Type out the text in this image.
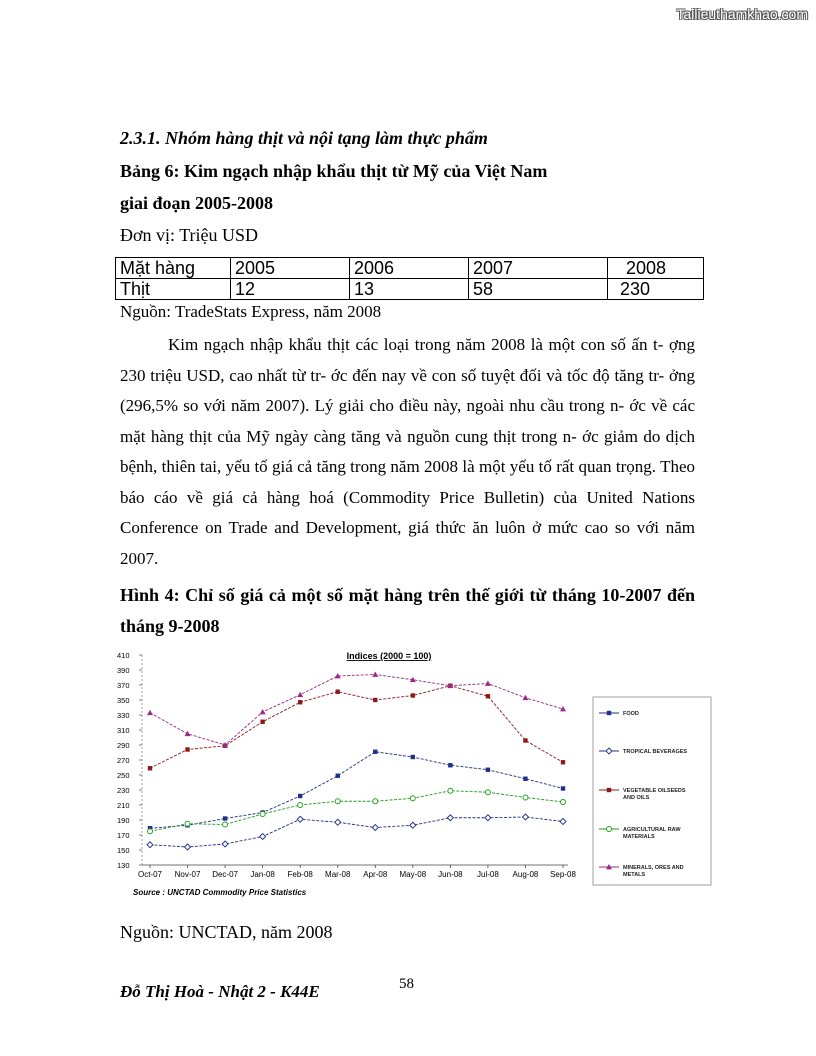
Tailieuthamkhao.com
2.3.1. Nhóm hàng thịt và nội tạng làm thực phẩm
Bảng 6: Kim ngạch nhập khẩu thịt từ Mỹ của Việt Nam
giai đoạn 2005-2008
Đơn vị: Triệu USD
Mặt hàng	2005	2006	2007	2008
Thịt	12	13	58	230
Nguồn: TradeStats Express, năm 2008

Kim ngạch nhập khẩu thịt các loại trong năm 2008 là một con số ấn t- ợng 230 triệu USD, cao nhất từ tr- ớc đến nay về con số tuyệt đối và tốc độ tăng tr- ởng (296,5% so với năm 2007). Lý giải cho điều này, ngoài nhu cầu trong n- ớc về các mặt hàng thịt của Mỹ ngày càng tăng và nguồn cung thịt trong n- ớc giảm do dịch bệnh, thiên tai, yếu tố giá cả tăng trong năm 2008 là một yếu tố rất quan trọng. Theo báo cáo về giá cả hàng hoá (Commodity Price Bulletin) của United Nations Conference on Trade and Development, giá thức ăn luôn ở mức cao so với năm 2007.

Hình 4: Chỉ số giá cả một số mặt hàng trên thế giới từ tháng 10-2007 đến tháng 9-2008

Indices (2000 = 100)
130
150
170
190
210
230
250
270
290
310
330
350
370
390
410
Oct-07 Nov-07 Dec-07 Jan-08 Feb-08 Mar-08 Apr-08 May-08 Jun-08 Jul-08 Aug-08 Sep-08
FOOD
TROPICAL BEVERAGES
VEGETABLE OILSEEDS AND OILS
AGRICULTURAL RAW MATERIALS
MINERALS, ORES AND METALS
Source : UNCTAD Commodity Price Statistics
Nguồn: UNCTAD, năm 2008
Đỗ Thị Hoà - Nhật 2 - K44E	58
